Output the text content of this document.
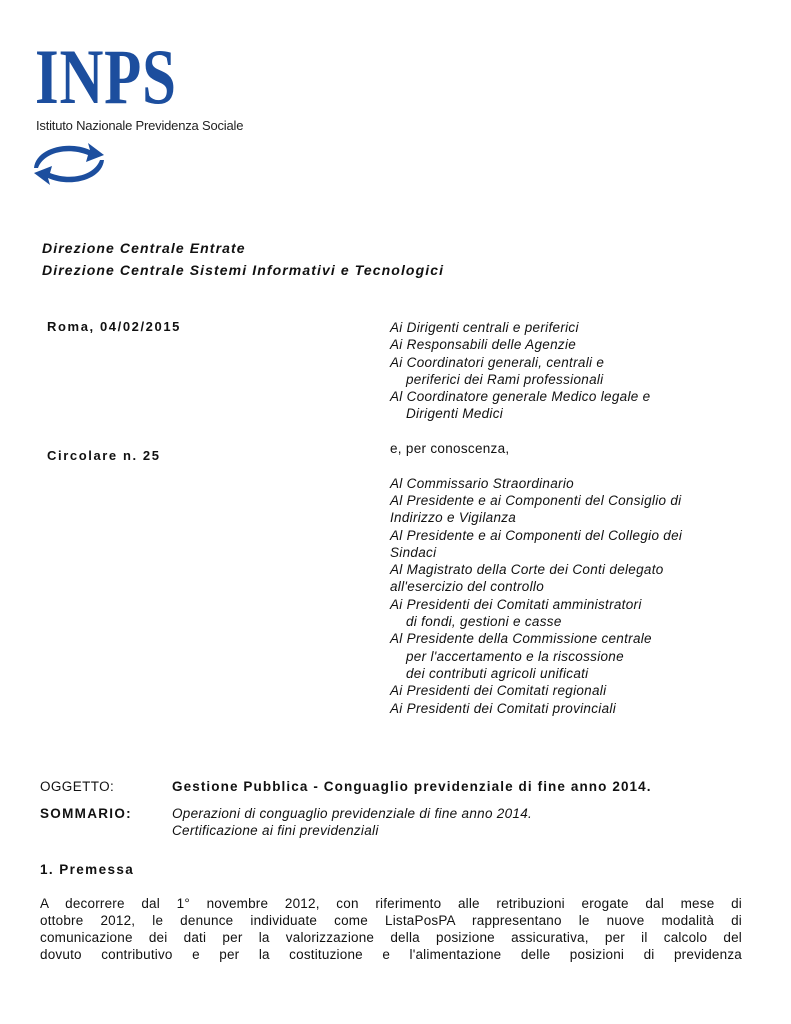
INPS
Istituto Nazionale Previdenza Sociale
Direzione Centrale Entrate
Direzione Centrale Sistemi Informativi e Tecnologici
Roma, 04/02/2015
Circolare n. 25
Ai Dirigenti centrali e periferici
Ai Responsabili delle Agenzie
Ai Coordinatori generali, centrali e
periferici dei Rami professionali
Al Coordinatore generale Medico legale e
Dirigenti Medici
e, per conoscenza,
Al Commissario Straordinario
Al Presidente e ai Componenti del Consiglio di
Indirizzo e Vigilanza
Al Presidente e ai Componenti del Collegio dei
Sindaci
Al Magistrato della Corte dei Conti delegato
all'esercizio del controllo
Ai Presidenti dei Comitati amministratori
di fondi, gestioni e casse
Al Presidente della Commissione centrale
per l'accertamento e la riscossione
dei contributi agricoli unificati
Ai Presidenti dei Comitati regionali
Ai Presidenti dei Comitati provinciali
OGGETTO:	Gestione Pubblica - Conguaglio previdenziale di fine anno 2014.
SOMMARIO:	Operazioni di conguaglio previdenziale di fine anno 2014.
Certificazione ai fini previdenziali
1. Premessa
A decorrere dal 1° novembre 2012, con riferimento alle retribuzioni erogate dal mese di
ottobre 2012, le denunce individuate come ListaPosPA rappresentano le nuove modalità di
comunicazione dei dati per la valorizzazione della posizione assicurativa, per il calcolo del
dovuto contributivo e per la costituzione e l'alimentazione delle posizioni di previdenza
